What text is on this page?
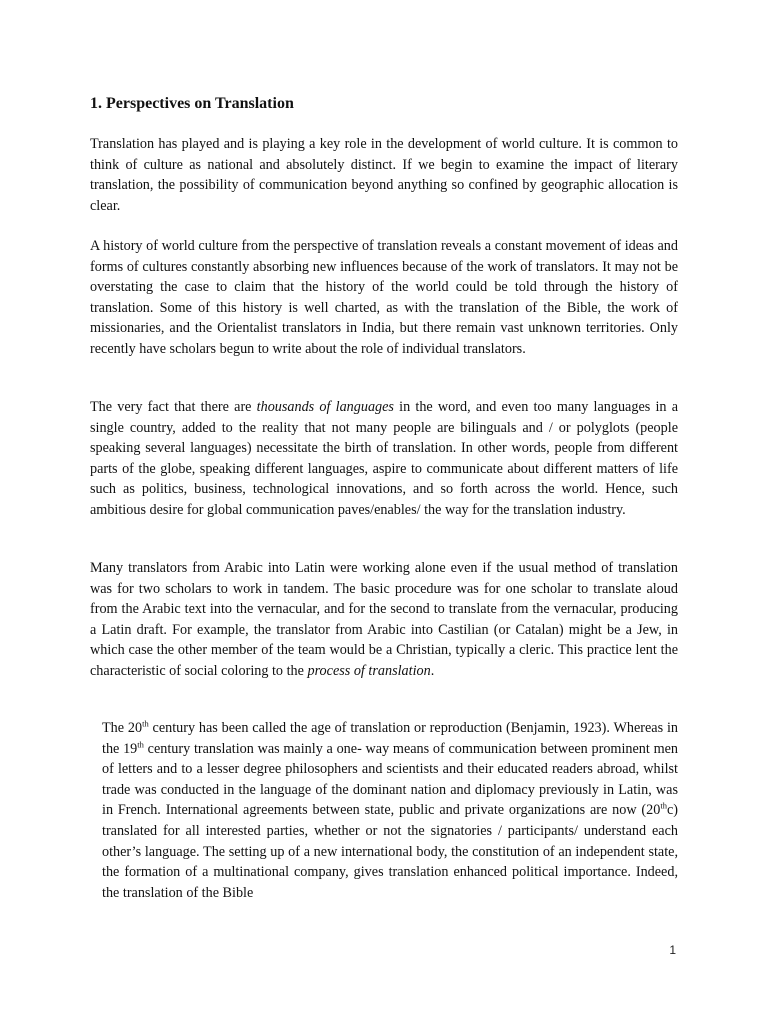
1. Perspectives on Translation

Translation has played and is playing a key role in the development of world culture. It is common to think of culture as national and absolutely distinct. If we begin to examine the impact of literary translation, the possibility of communication beyond anything so confined by geographic allocation is clear.

A history of world culture from the perspective of translation reveals a constant movement of ideas and forms of cultures constantly absorbing new influences because of the work of translators. It may not be overstating the case to claim that the history of the world could be told through the history of translation. Some of this history is well charted, as with the translation of the Bible, the work of missionaries, and the Orientalist translators in India, but there remain vast unknown territories. Only recently have scholars begun to write about the role of individual translators.

The very fact that there are thousands of languages in the word, and even too many languages in a single country, added to the reality that not many people are bilinguals and / or polyglots (people speaking several languages) necessitate the birth of translation. In other words, people from different parts of the globe, speaking different languages, aspire to communicate about different matters of life such as politics, business, technological innovations, and so forth across the world. Hence, such ambitious desire for global communication paves/enables/ the way for the translation industry.

Many translators from Arabic into Latin were working alone even if the usual method of translation was for two scholars to work in tandem. The basic procedure was for one scholar to translate aloud from the Arabic text into the vernacular, and for the second to translate from the vernacular, producing a Latin draft. For example, the translator from Arabic into Castilian (or Catalan) might be a Jew, in which case the other member of the team would be a Christian, typically a cleric. This practice lent the characteristic of social coloring to the process of translation.

The 20th century has been called the age of translation or reproduction (Benjamin, 1923). Whereas in the 19th century translation was mainly a one- way means of communication between prominent men of letters and to a lesser degree philosophers and scientists and their educated readers abroad, whilst trade was conducted in the language of the dominant nation and diplomacy previously in Latin, was in French. International agreements between state, public and private organizations are now (20thc) translated for all interested parties, whether or not the signatories / participants/ understand each other’s language. The setting up of a new international body, the constitution of an independent state, the formation of a multinational company, gives translation enhanced political importance. Indeed, the translation of the Bible

1
